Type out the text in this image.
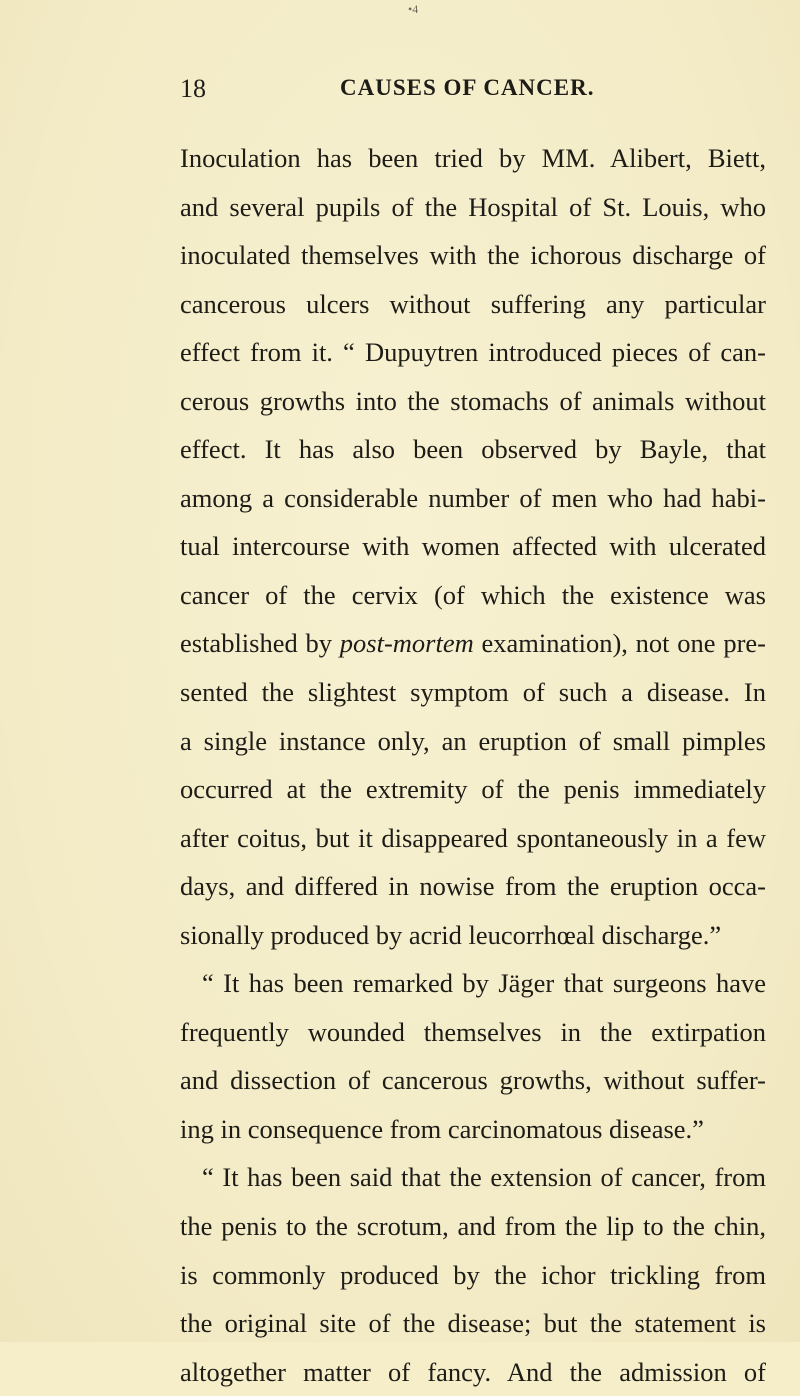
•4
18	CAUSES OF CANCER.
Inoculation has been tried by MM. Alibert, Biett,
and several pupils of the Hospital of St. Louis, who
inoculated themselves with the ichorous discharge of
cancerous ulcers without suffering any particular
effect from it. “ Dupuytren introduced pieces of can-
cerous growths into the stomachs of animals without
effect. It has also been observed by Bayle, that
among a considerable number of men who had habi-
tual intercourse with women affected with ulcerated
cancer of the cervix (of which the existence was
established by post-mortem examination), not one pre-
sented the slightest symptom of such a disease. In
a single instance only, an eruption of small pimples
occurred at the extremity of the penis immediately
after coitus, but it disappeared spontaneously in a few
days, and differed in nowise from the eruption occa-
sionally produced by acrid leucorrhœal discharge.”
“ It has been remarked by Jäger that surgeons have
frequently wounded themselves in the extirpation
and dissection of cancerous growths, without suffer-
ing in consequence from carcinomatous disease.”
“ It has been said that the extension of cancer, from
the penis to the scrotum, and from the lip to the chin,
is commonly produced by the ichor trickling from
the original site of the disease; but the statement is
altogether matter of fancy. And the admission of
